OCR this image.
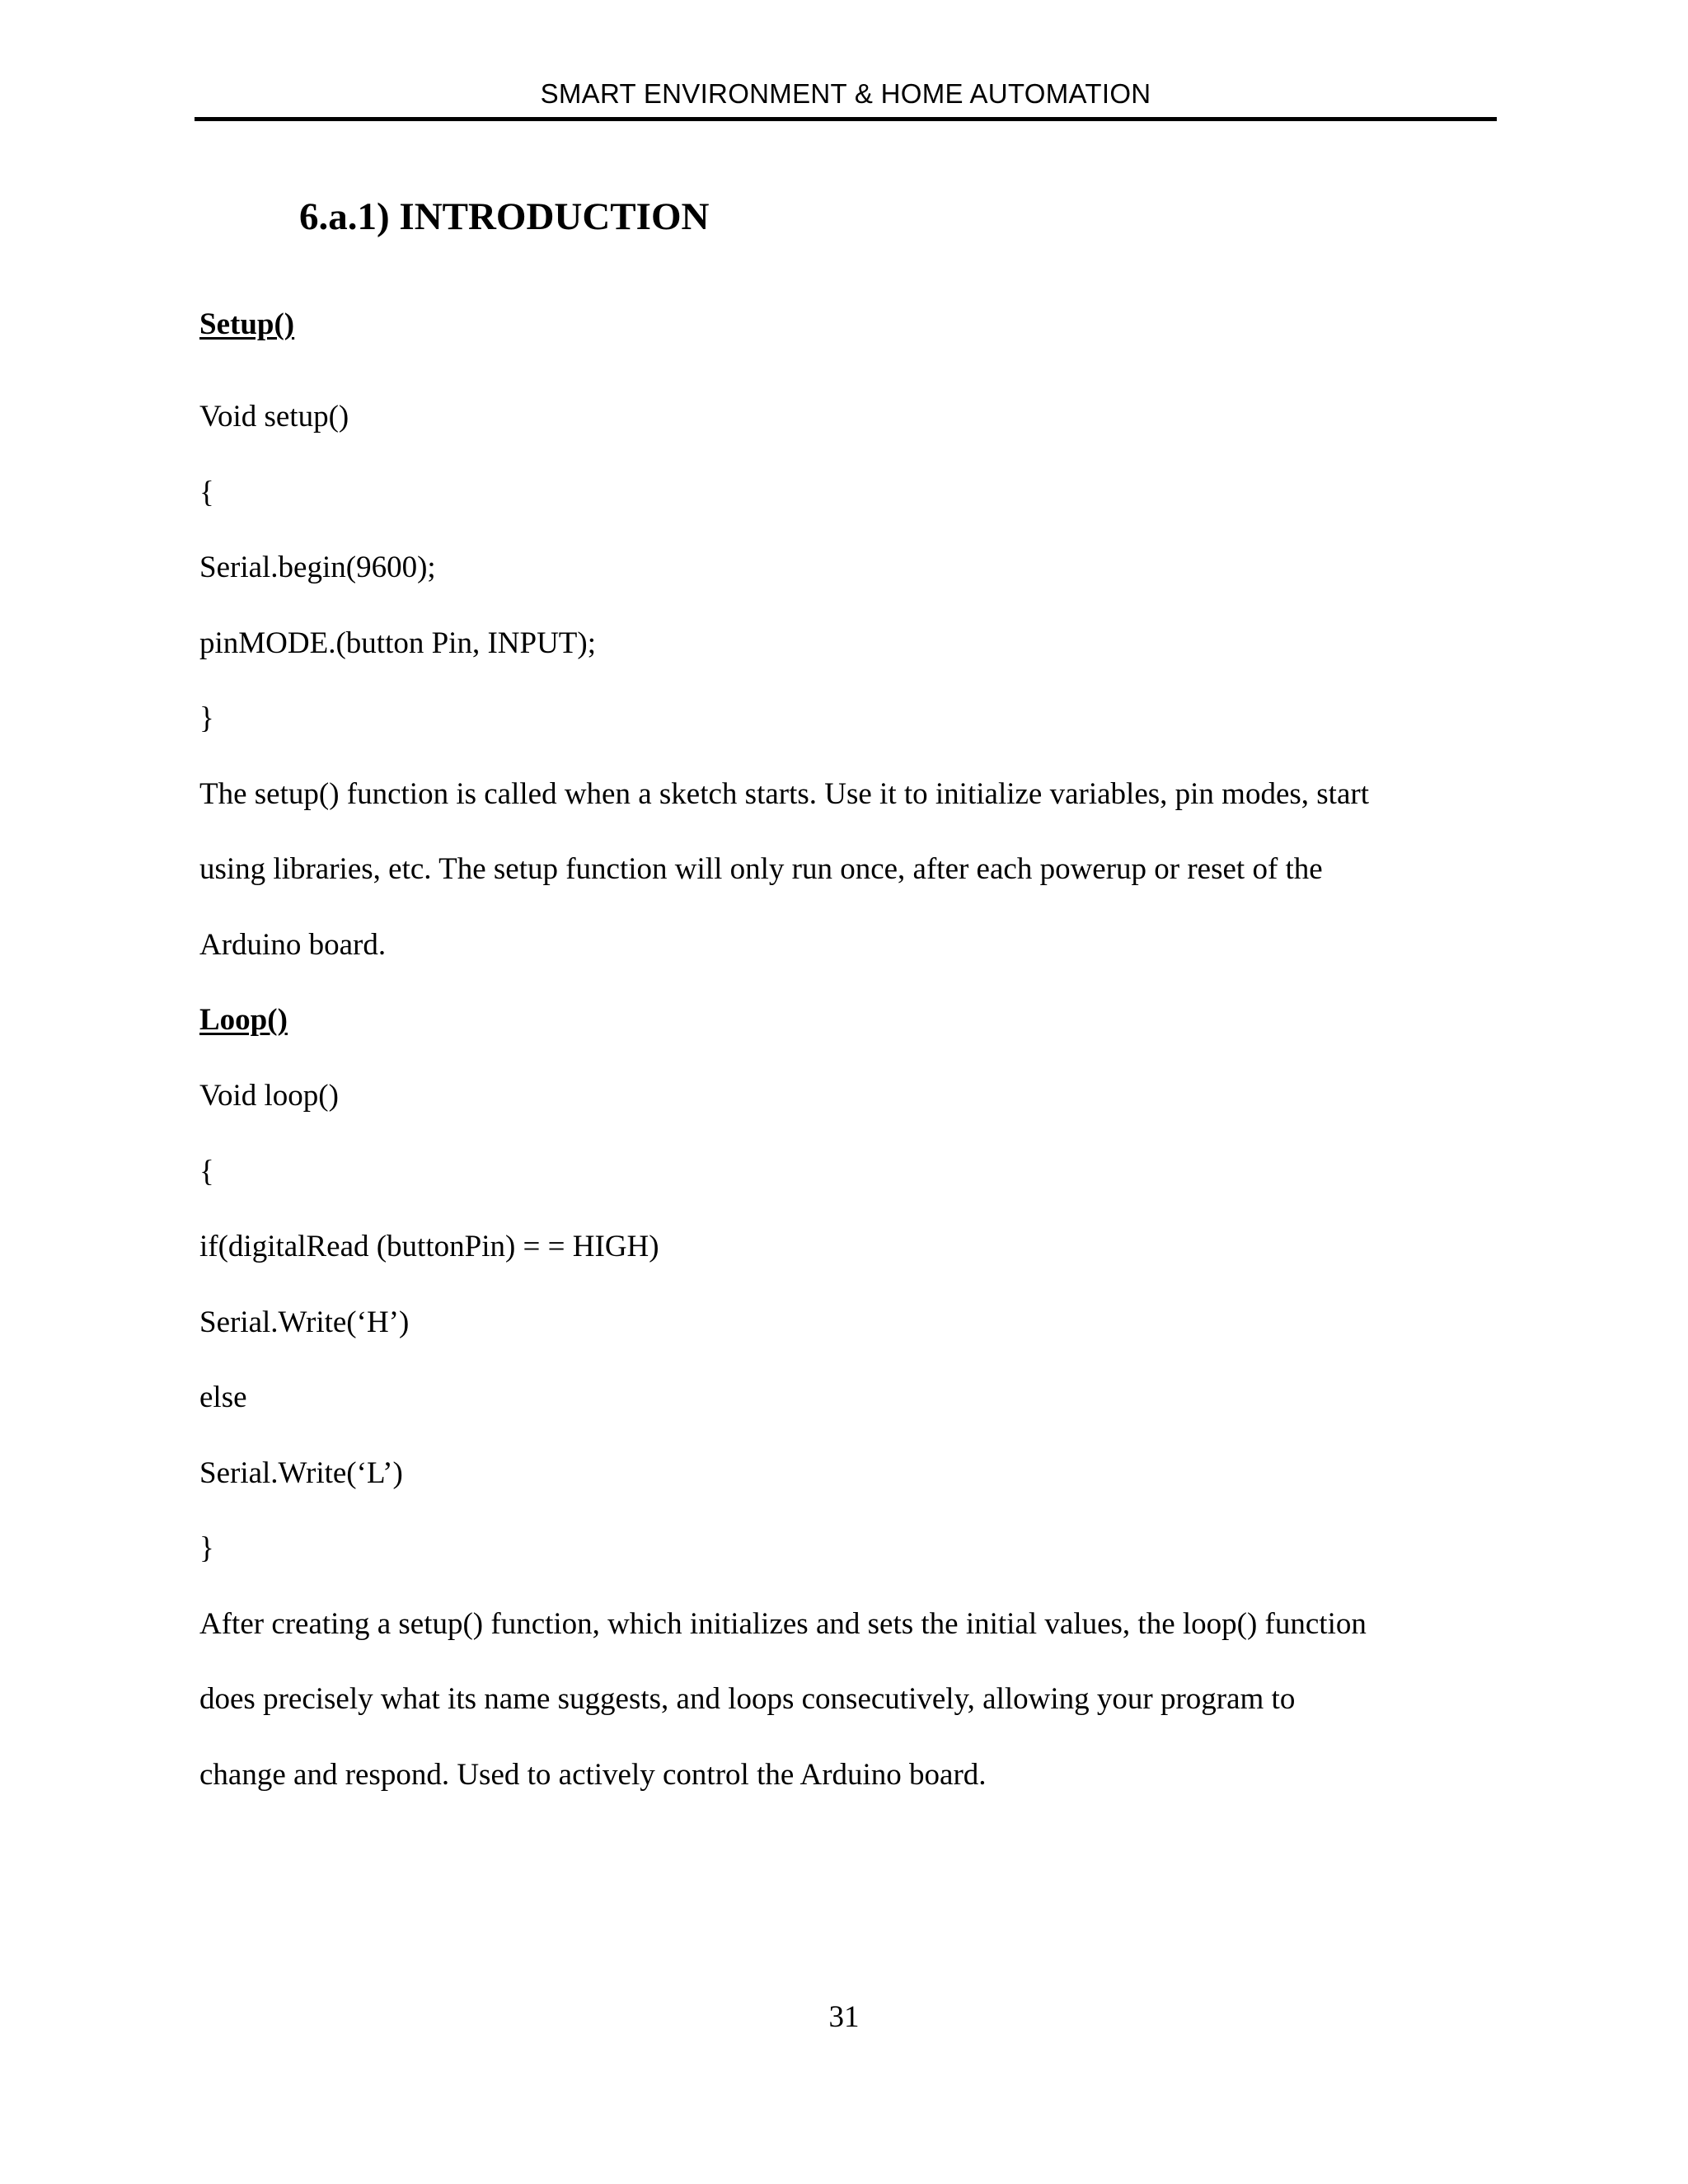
SMART ENVIRONMENT & HOME AUTOMATION
6.a.1) INTRODUCTION
Setup()
Void setup()
{
Serial.begin(9600);
pinMODE.(button Pin, INPUT);
}
The setup() function is called when a sketch starts. Use it to initialize variables, pin modes, start
using libraries, etc. The setup function will only run once, after each powerup or reset of the
Arduino board.
Loop()
Void loop()
{
if(digitalRead (buttonPin) = = HIGH)
Serial.Write(‘H’)
else
Serial.Write(‘L’)
}
After creating a setup() function, which initializes and sets the initial values, the loop() function
does precisely what its name suggests, and loops consecutively, allowing your program to
change and respond. Used to actively control the Arduino board.
31
